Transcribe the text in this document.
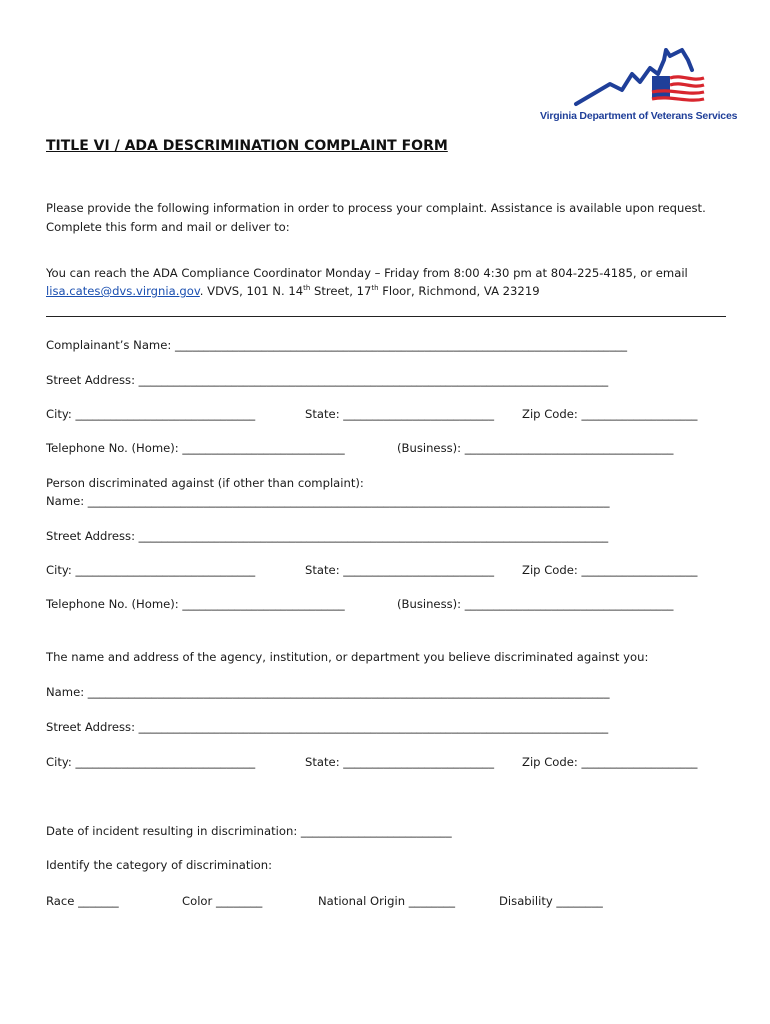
Virginia Department of Veterans Services
TITLE VI / ADA DESCRIMINATION COMPLAINT FORM
Please provide the following information in order to process your complaint. Assistance is available upon request.
Complete this form and mail or deliver to:
You can reach the ADA Compliance Coordinator Monday – Friday from 8:00 4:30 pm at 804-225-4185, or email
lisa.cates@dvs.virgnia.gov. VDVS, 101 N. 14th Street, 17th Floor, Richmond, VA 23219
Complainant’s Name: ______________________________________________________________________________
Street Address: _________________________________________________________________________________
City: _______________________________	State: __________________________ Zip Code: ____________________
Telephone No. (Home): ____________________________	(Business): ____________________________________
Person discriminated against (if other than complaint):
Name: __________________________________________________________________________________________
Street Address: _________________________________________________________________________________
City: _______________________________	State: __________________________ Zip Code: ____________________
Telephone No. (Home): ____________________________	(Business): ____________________________________
The name and address of the agency, institution, or department you believe discriminated against you:
Name: __________________________________________________________________________________________
Street Address: _________________________________________________________________________________
City: _______________________________	State: __________________________ Zip Code: ____________________
Date of incident resulting in discrimination: __________________________
Identify the category of discrimination:
Race _______	Color ________	National Origin ________	Disability ________
